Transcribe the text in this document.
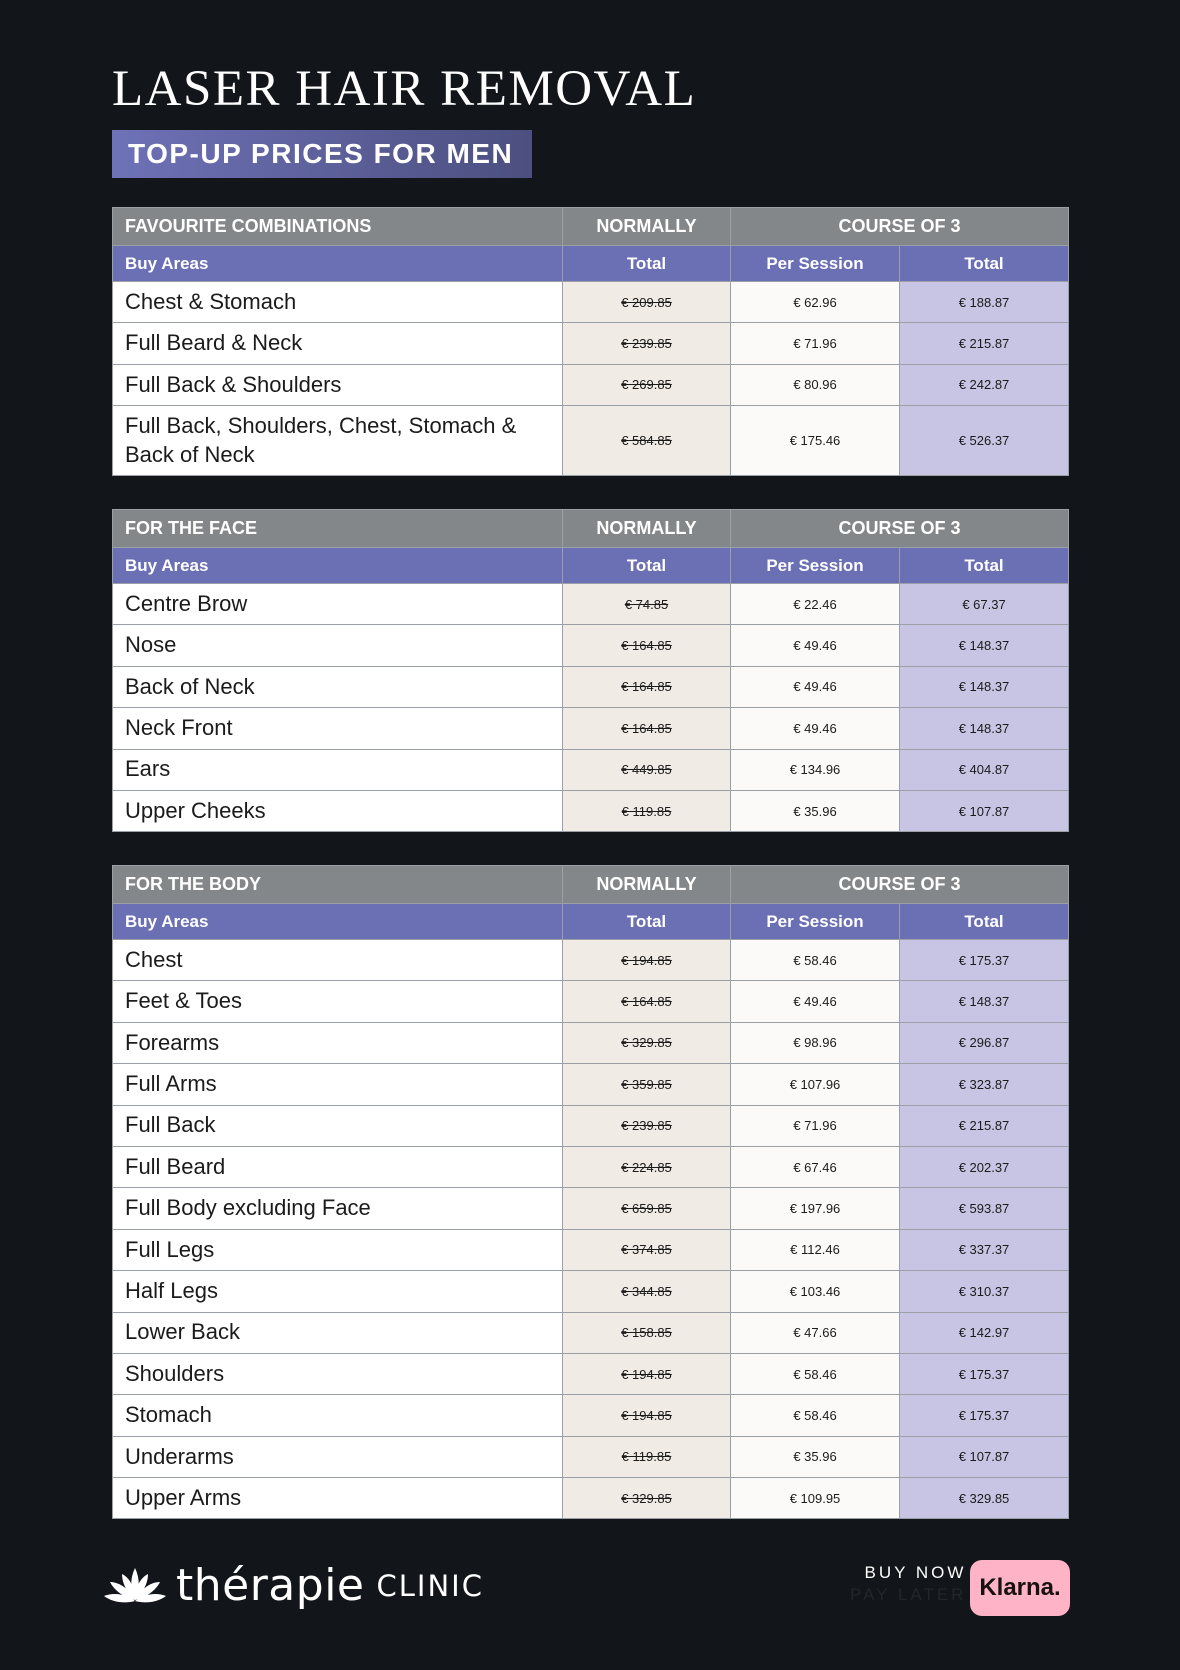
LASER HAIR REMOVAL
TOP-UP PRICES FOR MEN
FAVOURITE COMBINATIONS	NORMALLY	COURSE OF 3	
Buy Areas	Total	Per Session	Total
Chest & Stomach	€ 209.85	€ 62.96	€ 188.87
Full Beard & Neck	€ 239.85	€ 71.96	€ 215.87
Full Back & Shoulders	€ 269.85	€ 80.96	€ 242.87
Full Back, Shoulders, Chest, Stomach & Back of Neck	€ 584.85	€ 175.46	€ 526.37
FOR THE FACE	NORMALLY	COURSE OF 3	
Buy Areas	Total	Per Session	Total
Centre Brow	€ 74.85	€ 22.46	€ 67.37
Nose	€ 164.85	€ 49.46	€ 148.37
Back of Neck	€ 164.85	€ 49.46	€ 148.37
Neck Front	€ 164.85	€ 49.46	€ 148.37
Ears	€ 449.85	€ 134.96	€ 404.87
Upper Cheeks	€ 119.85	€ 35.96	€ 107.87
FOR THE BODY	NORMALLY	COURSE OF 3	
Buy Areas	Total	Per Session	Total
Chest	€ 194.85	€ 58.46	€ 175.37
Feet & Toes	€ 164.85	€ 49.46	€ 148.37
Forearms	€ 329.85	€ 98.96	€ 296.87
Full Arms	€ 359.85	€ 107.96	€ 323.87
Full Back	€ 239.85	€ 71.96	€ 215.87
Full Beard	€ 224.85	€ 67.46	€ 202.37
Full Body excluding Face	€ 659.85	€ 197.96	€ 593.87
Full Legs	€ 374.85	€ 112.46	€ 337.37
Half Legs	€ 344.85	€ 103.46	€ 310.37
Lower Back	€ 158.85	€ 47.66	€ 142.97
Shoulders	€ 194.85	€ 58.46	€ 175.37
Stomach	€ 194.85	€ 58.46	€ 175.37
Underarms	€ 119.85	€ 35.96	€ 107.87
Upper Arms	€ 329.85	€ 109.95	€ 329.85
thérapie CLINIC	BUY NOW
PAY LATER Klarna.
